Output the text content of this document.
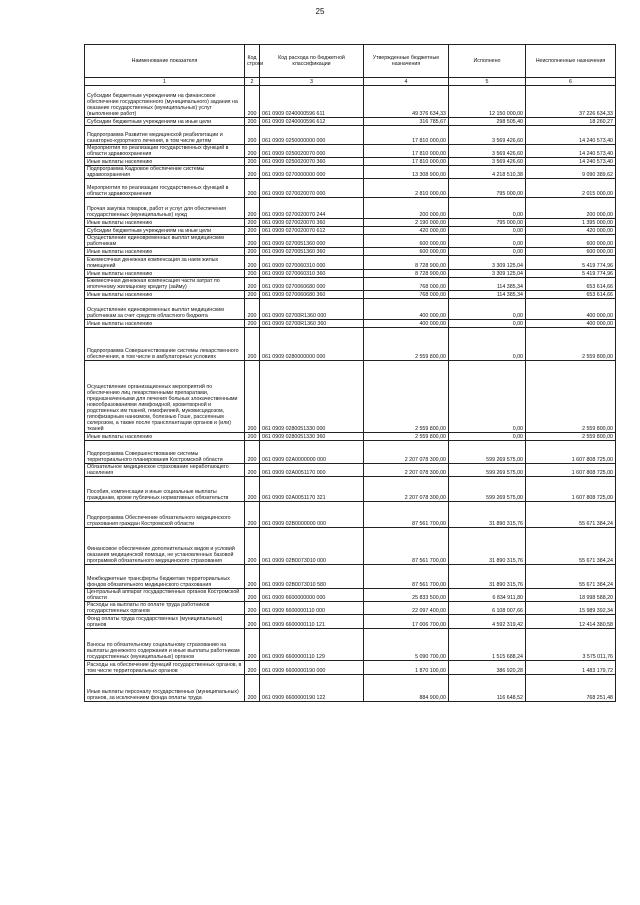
25
Наименование показателя	Код строки	Код расхода по бюджетной классификации	Утвержденные бюджетные назначения	Исполнено	Неисполненные назначения
1	2	3	4	5	6
Субсидии бюджетным учреждениям на финансовое обеспечение государственного (муниципального) задания на оказание государственных (муниципальных) услуг (выполнение работ)	200	061 0909 0240000596 611	49 376 634,33	12 150 000,00	37 226 634,33
Субсидии бюджетным учреждениям на иные цели	200	061 0909 0240000596 612	316 785,67	298 505,40	18 260,27
Подпрограмма Развитие медицинской реабилитации и санаторно-курортного лечения, в том числе детям	200	061 0909 0250000000 000	17 810 000,00	3 569 426,60	14 240 573,40
Мероприятия по реализации государственных функций в области здравоохранения	200	061 0909 0250020070 000	17 810 000,00	3 569 426,60	14 240 573,40
Иные выплаты населению	200	061 0909 0250020070 360	17 810 000,00	3 569 426,60	14 240 573,40
Подпрограмма Кадровое обеспечение системы здравоохранения	200	061 0909 0270000000 000	13 308 900,00	4 218 510,38	9 090 389,62
Мероприятия по реализации государственных функций в области здравоохранения	200	061 0909 0270020070 000	2 810 000,00	795 000,00	2 015 000,00
Прочая закупка товаров, работ и услуг для обеспечения государственных (муниципальных) нужд	200	061 0909 0270020070 244	200 000,00	0,00	200 000,00
Иные выплаты населению	200	061 0909 0270020070 360	2 190 000,00	795 000,00	1 395 000,00
Субсидии бюджетным учреждениям на иные цели	200	061 0909 0270020070 612	420 000,00	0,00	420 000,00
Осуществление единовременных выплат медицинским работникам	200	061 0909 0270051360 000	600 000,00	0,00	600 000,00
Иные выплаты населению	200	061 0909 0270051360 360	600 000,00	0,00	600 000,00
Ежемесячная денежная компенсация за наем жилых помещений	200	061 0909 0270060310 000	8 728 900,00	3 309 125,04	5 419 774,96
Иные выплаты населению	200	061 0909 0270060310 360	8 728 900,00	3 309 125,04	5 419 774,96
Ежемесячная денежная компенсация части затрат по ипотечному жилищному кредиту (займу)	200	061 0909 0270060680 000	768 000,00	114 385,34	653 614,66
Иные выплаты населению	200	061 0909 0270060680 360	768 000,00	114 385,34	653 614,66
Осуществление единовременных выплат медицинским работникам за счет средств областного бюджета	200	061 0909 02700R1360 000	400 000,00	0,00	400 000,00
Иные выплаты населению	200	061 0909 02700R1360 360	400 000,00	0,00	400 000,00
Подпрограмма Совершенствование системы лекарственного обеспечения, в том числе в амбулаторных условиях	200	061 0909 0280000000 000	2 559 800,00	0,00	2 559 800,00
Осуществление организационных мероприятий по обеспечению лиц лекарственными препаратами, предназначенными для лечения больных злокачественными новообразованиями лимфоидной, кроветворной и родственных им тканей, гемофилией, муковисцидозом, гипофизарным нанизмом, болезнью Гоше, рассеянным склерозом, а также после трансплантации органов и (или) тканей	200	061 0909 0280051330 000	2 559 800,00	0,00	2 559 800,00
Иные выплаты населению	200	061 0909 0280051330 360	2 559 800,00	0,00	2 559 800,00
Подпрограмма Совершенствование системы территориального планирования Костромской области	200	061 0909 02A0000000 000	2 207 078 300,00	599 269 575,00	1 607 808 725,00
Обязательное медицинское страхование неработающего населения	200	061 0909 02A0051170 000	2 207 078 300,00	599 269 575,00	1 607 808 725,00
Пособия, компенсации и иные социальные выплаты гражданам, кроме публичных нормативных обязательств	200	061 0909 02A0051170 321	2 207 078 300,00	599 269 575,00	1 607 808 725,00
Подпрограмма Обеспечение обязательного медицинского страхования граждан Костромской области	200	061 0909 02B0000000 000	87 561 700,00	31 890 315,76	55 671 384,24
Финансовое обеспечение дополнительных видов и условий оказания медицинской помощи, не установленных базовой программой обязательного медицинского страхования	200	061 0909 02B0073010 000	87 561 700,00	31 890 315,76	55 671 384,24
Межбюджетные трансферты бюджетам территориальных фондов обязательного медицинского страхования	200	061 0909 02B0073010 580	87 561 700,00	31 890 315,76	55 671 384,24
Центральный аппарат государственных органов Костромской области	200	061 0909 6600000000 000	25 833 500,00	6 834 911,80	18 998 588,20
Расходы на выплаты по оплате труда работников государственных органов	200	061 0909 6600000110 000	22 097 400,00	6 108 007,66	15 989 392,34
Фонд оплаты труда государственных (муниципальных) органов	200	061 0909 6600000110 121	17 006 700,00	4 592 319,42	12 414 380,58
Взносы по обязательному социальному страхованию на выплаты денежного содержания и иные выплаты работникам государственных (муниципальных) органов	200	061 0909 6600000110 129	5 090 700,00	1 515 688,24	3 575 011,76
Расходы на обеспечение функций государственных органов, в том числе территориальных органов	200	061 0909 6600000190 000	1 870 100,00	386 920,28	1 483 179,72
Иные выплаты персоналу государственных (муниципальных) органов, за исключением фонда оплаты труда	200	061 0909 6600000190 122	884 900,00	116 648,52	768 251,48
